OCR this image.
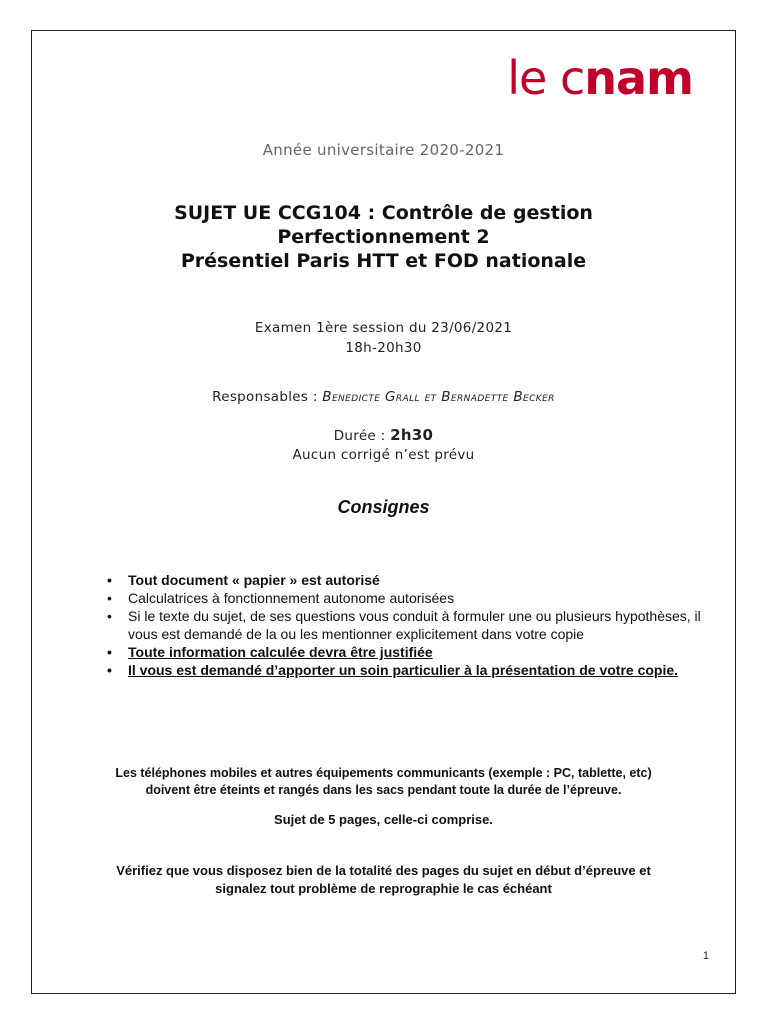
le cnam
Année universitaire 2020-2021
SUJET UE CCG104 : Contrôle de gestion
Perfectionnement 2
Présentiel Paris HTT et FOD nationale
Examen 1ère session du 23/06/2021
18h-20h30
Responsables : Benedicte Grall et Bernadette Becker
Durée : 2h30
Aucun corrigé n’est prévu
Consignes
• Tout document « papier » est autorisé
• Calculatrices à fonctionnement autonome autorisées
• Si le texte du sujet, de ses questions vous conduit à formuler une ou plusieurs hypothèses, il vous est demandé de la ou les mentionner explicitement dans votre copie
• Toute information calculée devra être justifiée
• Il vous est demandé d’apporter un soin particulier à la présentation de votre copie.
Les téléphones mobiles et autres équipements communicants (exemple : PC, tablette, etc)
doivent être éteints et rangés dans les sacs pendant toute la durée de l’épreuve.
Sujet de 5 pages, celle-ci comprise.
Vérifiez que vous disposez bien de la totalité des pages du sujet en début d’épreuve et
signalez tout problème de reprographie le cas échéant
1
